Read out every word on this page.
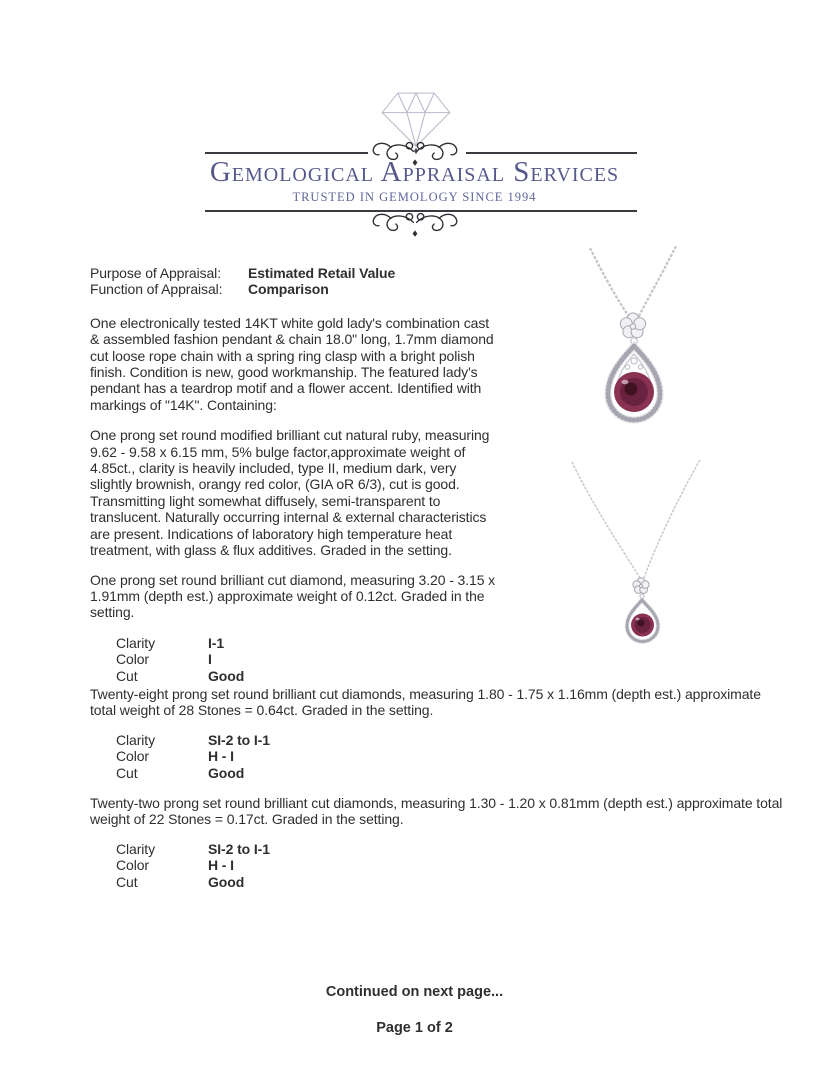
Gemological Appraisal Services
TRUSTED IN GEMOLOGY SINCE 1994
Purpose of Appraisal:	Estimated Retail Value
Function of Appraisal:	Comparison

One electronically tested 14KT white gold lady's combination cast & assembled fashion pendant & chain 18.0" long, 1.7mm diamond cut loose rope chain with a spring ring clasp with a bright polish finish. Condition is new, good workmanship. The featured lady's pendant has a teardrop motif and a flower accent. Identified with markings of "14K". Containing:

One prong set round modified brilliant cut natural ruby, measuring 9.62 - 9.58 x 6.15 mm, 5% bulge factor,approximate weight of 4.85ct., clarity is heavily included, type II, medium dark, very slightly brownish, orangy red color, (GIA oR 6/3), cut is good. Transmitting light somewhat diffusely, semi-transparent to translucent. Naturally occurring internal & external characteristics are present. Indications of laboratory high temperature heat treatment, with glass & flux additives. Graded in the setting.

One prong set round brilliant cut diamond, measuring 3.20 - 3.15 x 1.91mm (depth est.) approximate weight of 0.12ct. Graded in the setting.

Clarity	I-1
Color	I
Cut	Good

Twenty-eight prong set round brilliant cut diamonds, measuring 1.80 - 1.75 x 1.16mm (depth est.) approximate total weight of 28 Stones = 0.64ct. Graded in the setting.

Clarity	SI-2 to I-1
Color	H - I
Cut	Good

Twenty-two prong set round brilliant cut diamonds, measuring 1.30 - 1.20 x 0.81mm (depth est.) approximate total weight of 22 Stones = 0.17ct. Graded in the setting.

Clarity	SI-2 to I-1
Color	H - I
Cut	Good
Continued on next page...
Page 1 of 2
